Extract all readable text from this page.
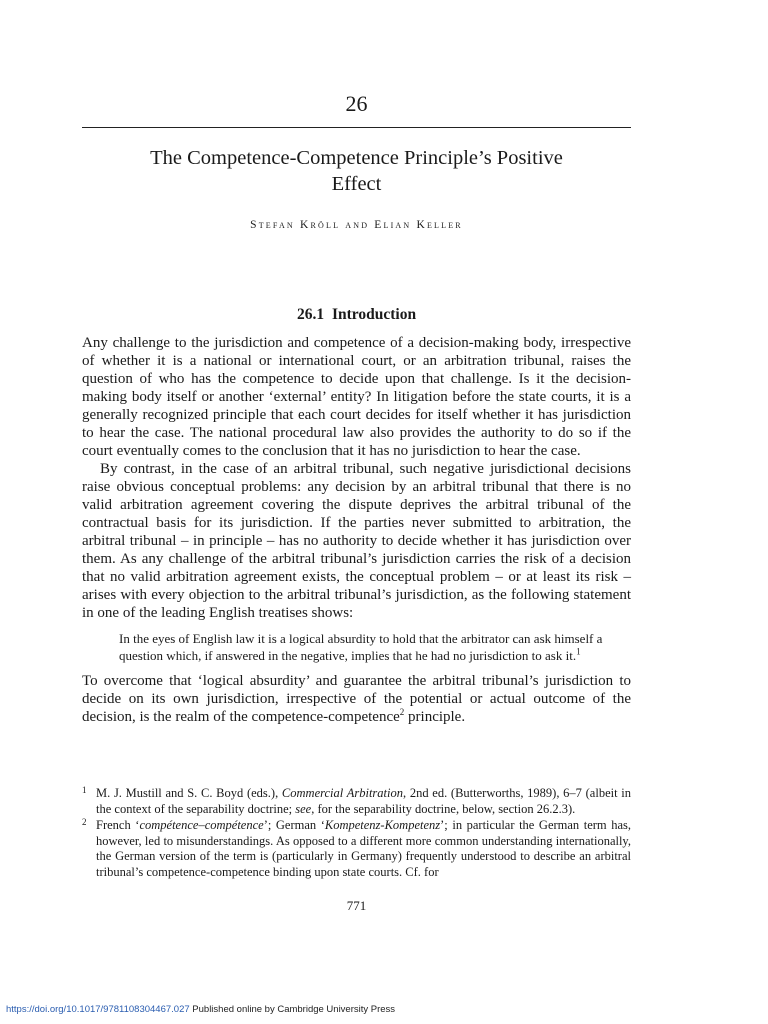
26
The Competence-Competence Principle’s Positive
Effect
Stefan Kröll and Elian Keller
26.1 Introduction

Any challenge to the jurisdiction and competence of a decision-making body, irrespective of whether it is a national or international court, or an arbitration tribunal, raises the question of who has the competence to decide upon that challenge. Is it the decision-making body itself or another ‘external’ entity? In litigation before the state courts, it is a generally recognized principle that each court decides for itself whether it has jurisdiction to hear the case. The national procedural law also provides the authority to do so if the court eventually comes to the conclusion that it has no jurisdiction to hear the case.

By contrast, in the case of an arbitral tribunal, such negative jurisdictional decisions raise obvious conceptual problems: any decision by an arbitral tribunal that there is no valid arbitration agreement covering the dispute deprives the arbitral tribunal of the contractual basis for its jurisdiction. If the parties never submitted to arbitration, the arbitral tribunal – in principle – has no authority to decide whether it has jurisdiction over them. As any challenge of the arbitral tribunal’s jurisdiction carries the risk of a decision that no valid arbitration agreement exists, the conceptual problem – or at least its risk – arises with every objection to the arbitral tribunal’s jurisdiction, as the following statement in one of the leading English treatises shows:

In the eyes of English law it is a logical absurdity to hold that the arbitrator can ask himself a question which, if answered in the negative, implies that he had no jurisdiction to ask it.$^1$

To overcome that ‘logical absurdity’ and guarantee the arbitral tribunal’s jurisdiction to decide on its own jurisdiction, irrespective of the potential or actual outcome of the decision, is the realm of the competence-competence$^2$ principle.

1 M. J. Mustill and S. C. Boyd (eds.), Commercial Arbitration, 2nd ed. (Butterworths, 1989), 6–7 (albeit in the context of the separability doctrine; see, for the separability doctrine, below, section 26.2.3).
2 French ‘compétence–compétence’; German ‘Kompetenz-Kompetenz’; in particular the German term has, however, led to misunderstandings. As opposed to a different more common understanding internationally, the German version of the term is (particularly in Germany) frequently understood to describe an arbitral tribunal’s competence-competence binding upon state courts. Cf. for
771
https://doi.org/10.1017/9781108304467.027 Published online by Cambridge University Press
